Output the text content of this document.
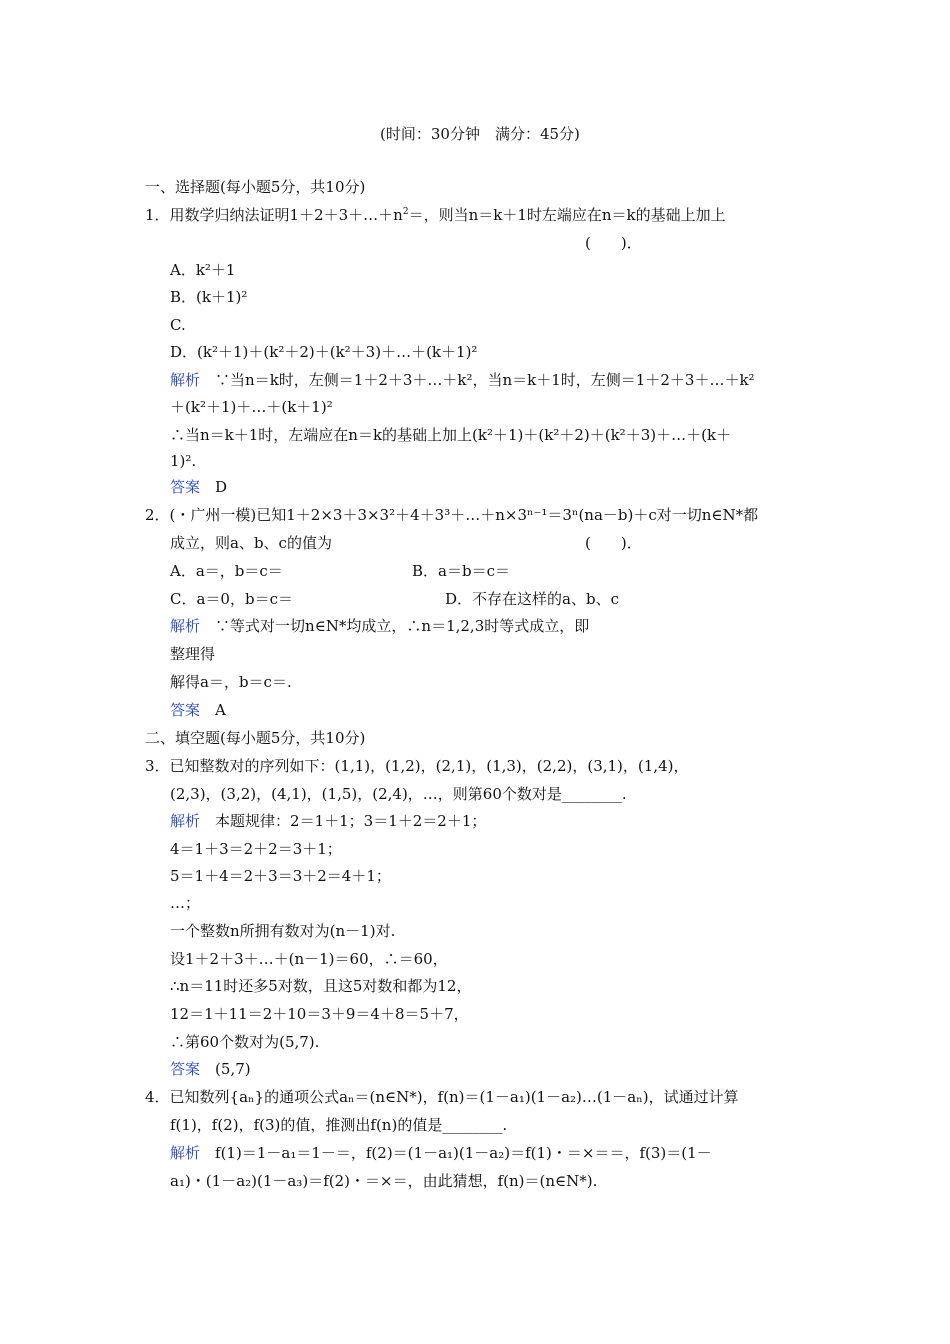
(时间：30分钟　满分：45分)
一、选择题(每小题5分，共10分)
1．用数学归纳法证明$1+2+3+\dots+n^2=$，则当n＝k＋1时左端应在n＝k的基础上加上
(　　)．
A．k²＋1
B．(k＋1)²
C.
D．(k²＋1)＋(k²＋2)＋(k²＋3)＋…＋(k＋1)²
解析　 ∵当n＝k时，左侧＝1＋2＋3＋…＋k²，当n＝k＋1时，左侧＝1＋2＋3＋…＋k²
＋(k²＋1)＋…＋(k＋1)²
∴当n＝k＋1时，左端应在n＝k的基础上加上(k²＋1)＋(k²＋2)＋(k²＋3)＋…＋(k＋
1)².
答案　 D
2．(・广州一模)已知1＋2×3＋3×3²＋4＋3³＋…＋n×3ⁿ⁻¹＝3ⁿ(na－b)＋c对一切n∈N*都
成立，则a、b、c的值为	(　　)．
A．a＝，b＝c＝	B．a＝b＝c＝
C．a＝0，b＝c＝	D．不存在这样的a、b、c
解析　 ∵等式对一切n∈N*均成立，∴n＝1,2,3时等式成立，即
整理得
解得a＝，b＝c＝.
答案　 A
二、填空题(每小题5分，共10分)
3．已知整数对的序列如下：(1,1)，(1,2)，(2,1)，(1,3)，(2,2)，(3,1)，(1,4)，
(2,3)，(3,2)，(4,1)，(1,5)，(2,4)，…，则第60个数对是________.
解析　 本题规律：2＝1＋1；3＝1＋2＝2＋1；
4＝1＋3＝2＋2＝3＋1；
5＝1＋4＝2＋3＝3＋2＝4＋1；
…；
一个整数n所拥有数对为(n－1)对.
设1＋2＋3＋…＋(n－1)＝60，∴＝60，
∴n＝11时还多5对数，且这5对数和都为12，
12＝1＋11＝2＋10＝3＋9＝4＋8＝5＋7，
∴第60个数对为(5,7).
答案　 (5,7)
4．已知数列{aₙ}的通项公式aₙ＝(n∈N*)，f(n)＝(1－a₁)(1－a₂)…(1－aₙ)，试通过计算
f(1)，f(2)，f(3)的值，推测出f(n)的值是________.
解析　 f(1)＝1－a₁＝1－＝，f(2)＝(1－a₁)(1－a₂)＝f(1)・＝×＝＝，f(3)＝(1－
a₁)・(1－a₂)(1－a₃)＝f(2)・＝×＝，由此猜想，f(n)＝(n∈N*).
